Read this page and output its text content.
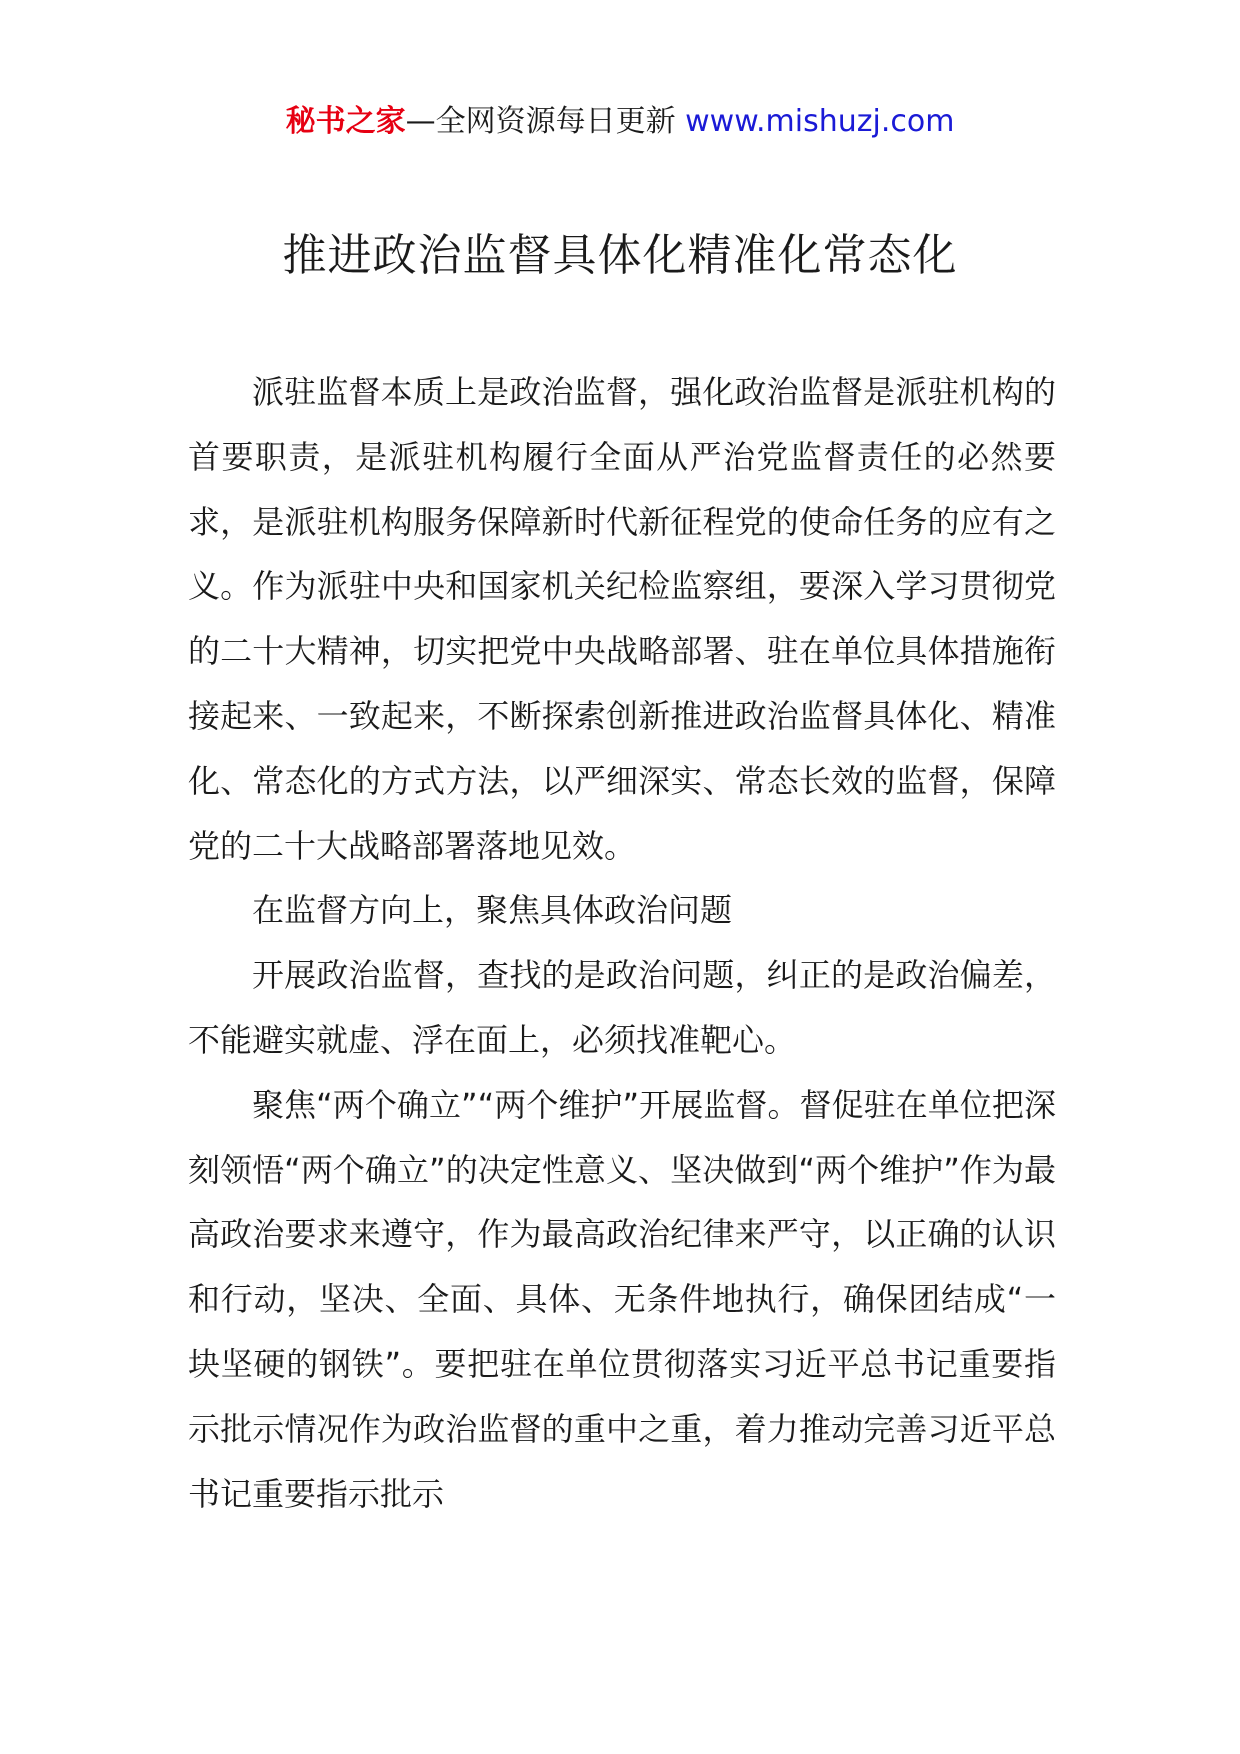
秘书之家—全网资源每日更新 www.mishuzj.com
推进政治监督具体化精准化常态化

派驻监督本质上是政治监督，强化政治监督是派驻机构的首要职责，是派驻机构履行全面从严治党监督责任的必然要求，是派驻机构服务保障新时代新征程党的使命任务的应有之义。作为派驻中央和国家机关纪检监察组，要深入学习贯彻党的二十大精神，切实把党中央战略部署、驻在单位具体措施衔接起来、一致起来，不断探索创新推进政治监督具体化、精准化、常态化的方式方法，以严细深实、常态长效的监督，保障党的二十大战略部署落地见效。

在监督方向上，聚焦具体政治问题

开展政治监督，查找的是政治问题，纠正的是政治偏差，不能避实就虚、浮在面上，必须找准靶心。

聚焦“两个确立”“两个维护”开展监督。督促驻在单位把深刻领悟“两个确立”的决定性意义、坚决做到“两个维护”作为最高政治要求来遵守，作为最高政治纪律来严守，以正确的认识和行动，坚决、全面、具体、无条件地执行，确保团结成“一块坚硬的钢铁”。要把驻在单位贯彻落实习近平总书记重要指示批示情况作为政治监督的重中之重，着力推动完善习近平总书记重要指示批示
